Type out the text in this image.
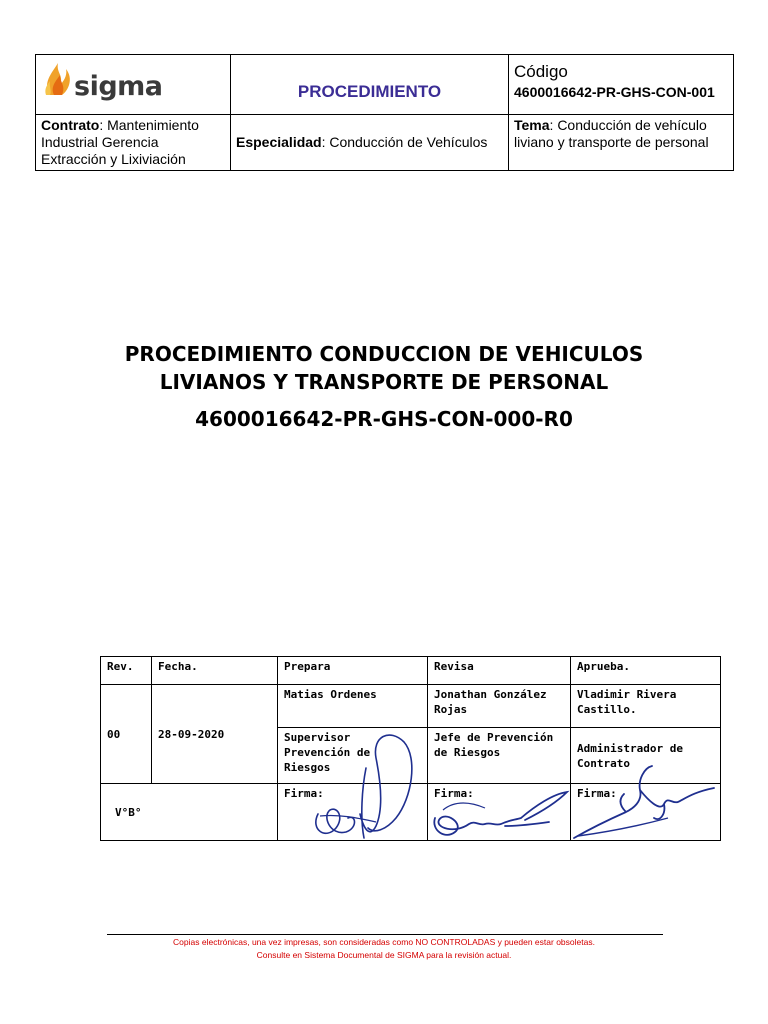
sigma	PROCEDIMIENTO	Código
4600016642-PR-GHS-CON-001

Contrato: Mantenimiento Industrial Gerencia Extracción y Lixiviación	Especialidad: Conducción de Vehículos	Tema: Conducción de vehículo liviano y transporte de personal
PROCEDIMIENTO CONDUCCION DE VEHICULOS
LIVIANOS Y TRANSPORTE DE PERSONAL
4600016642-PR-GHS-CON-000-R0
Rev.	Fecha.	Prepara	Revisa	Aprueba.
00	28-09-2020	Matias Ordenes	Jonathan González Rojas	Vladimir Rivera Castillo.
		Supervisor Prevención de Riesgos	Jefe de Prevención de Riesgos	Administrador de Contrato
V°B°		Firma:	Firma:	Firma:
Copias electrónicas, una vez impresas, son consideradas como NO CONTROLADAS y pueden estar obsoletas.
Consulte en Sistema Documental de SIGMA para la revisión actual.
